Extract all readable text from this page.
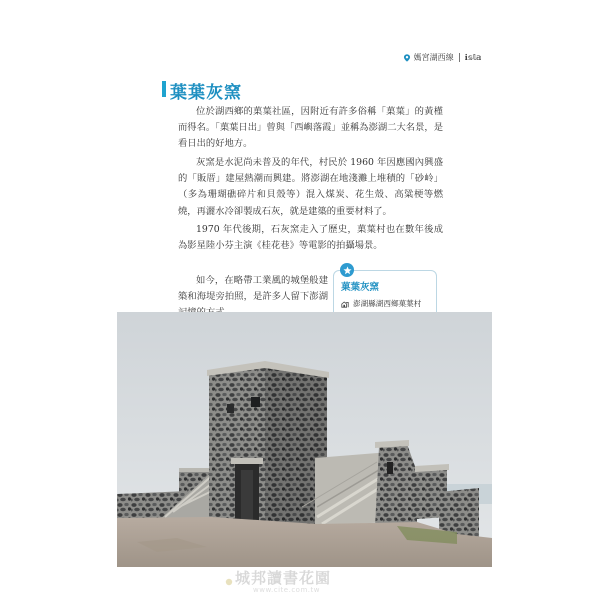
媽宮湖西線 ℹ𝕤𝕝𝕒
葉葉灰窯

位於湖西鄉的菓葉社區，因附近有許多俗稱「菓葉」的黃槿而得名。「菓葉日出」曾與「西嶼落霞」並稱為澎湖二大名景，是看日出的好地方。

灰窯是水泥尚未普及的年代，村民於 1960 年因應國內興盛的「販厝」建屋熱潮而興建。將澎湖在地淺灘上堆積的「砂岭」（多為珊瑚礁碎片和貝殼等）混入煤炭、花生殼、高粱梗等燃燒，再灑水冷卻製成石灰，就是建築的重要材料了。

1970 年代後期，石灰窯走入了歷史，菓葉村也在數年後成為影星陸小芬主演《桂花巷》等電影的拍攝場景。

如今，在略帶工業風的城堡般建築和海堤旁拍照，是許多人留下澎湖

菓葉灰窯
澎湖縣湖西鄉菓葉村
城邦讀書花園
www.cite.com.tw
